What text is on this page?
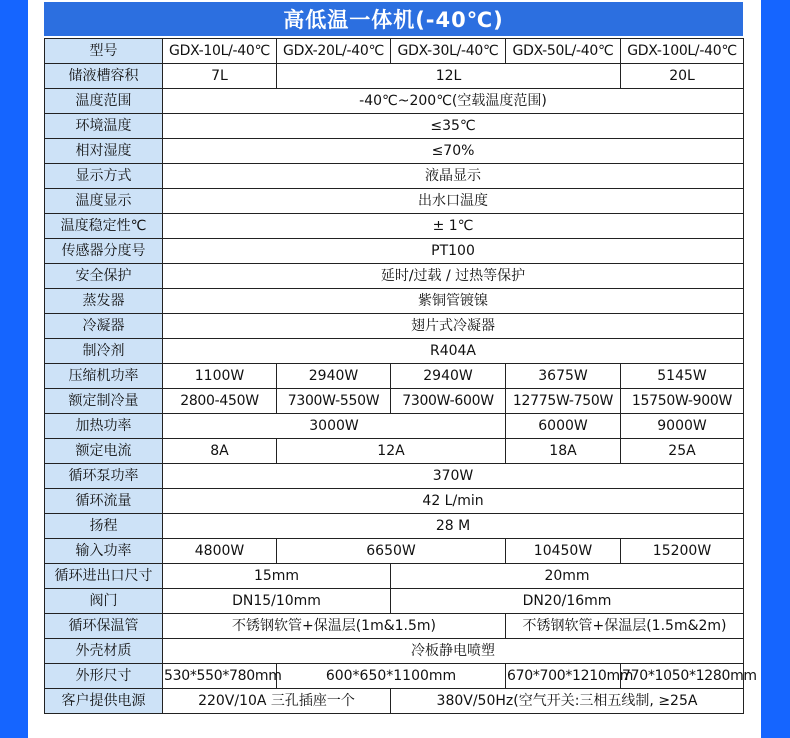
高低温一体机(-40℃)
型号	GDX-10L/-40℃	GDX-20L/-40℃	GDX-30L/-40℃	GDX-50L/-40℃	GDX-100L/-40℃
储液槽容积	7L	12L			20L
温度范围	-40℃~200℃(空载温度范围)				
环境温度	≤35℃				
相对湿度	≤70%				
显示方式	液晶显示				
温度显示	出水口温度				
温度稳定性℃	± 1℃				
传感器分度号	PT100				
安全保护	延时/过载 / 过热等保护				
蒸发器	紫铜管镀镍				
冷凝器	翅片式冷凝器				
制冷剂	R404A				
压缩机功率	1100W	2940W	2940W	3675W	5145W
额定制冷量	2800-450W	7300W-550W	7300W-600W	12775W-750W	15750W-900W
加热功率	3000W			6000W	9000W
额定电流	8A	12A		18A	25A
循环泵功率	370W				
循环流量	42 L/min				
扬程	28 M				
输入功率	4800W	6650W		10450W	15200W
循环进出口尺寸	15mm		20mm		
阀门	DN15/10mm		DN20/16mm		
循环保温管	不锈钢软管+保温层(1m&1.5m)			不锈钢软管+保温层(1.5m&2m)	
外壳材质	冷板静电喷塑				
外形尺寸	530*550*780mm	600*650*1100mm		670*700*1210mm	770*1050*1280mm
客户提供电源	220V/10A 三孔插座一个		380V/50Hz(空气开关:三相五线制, ≥25A		
